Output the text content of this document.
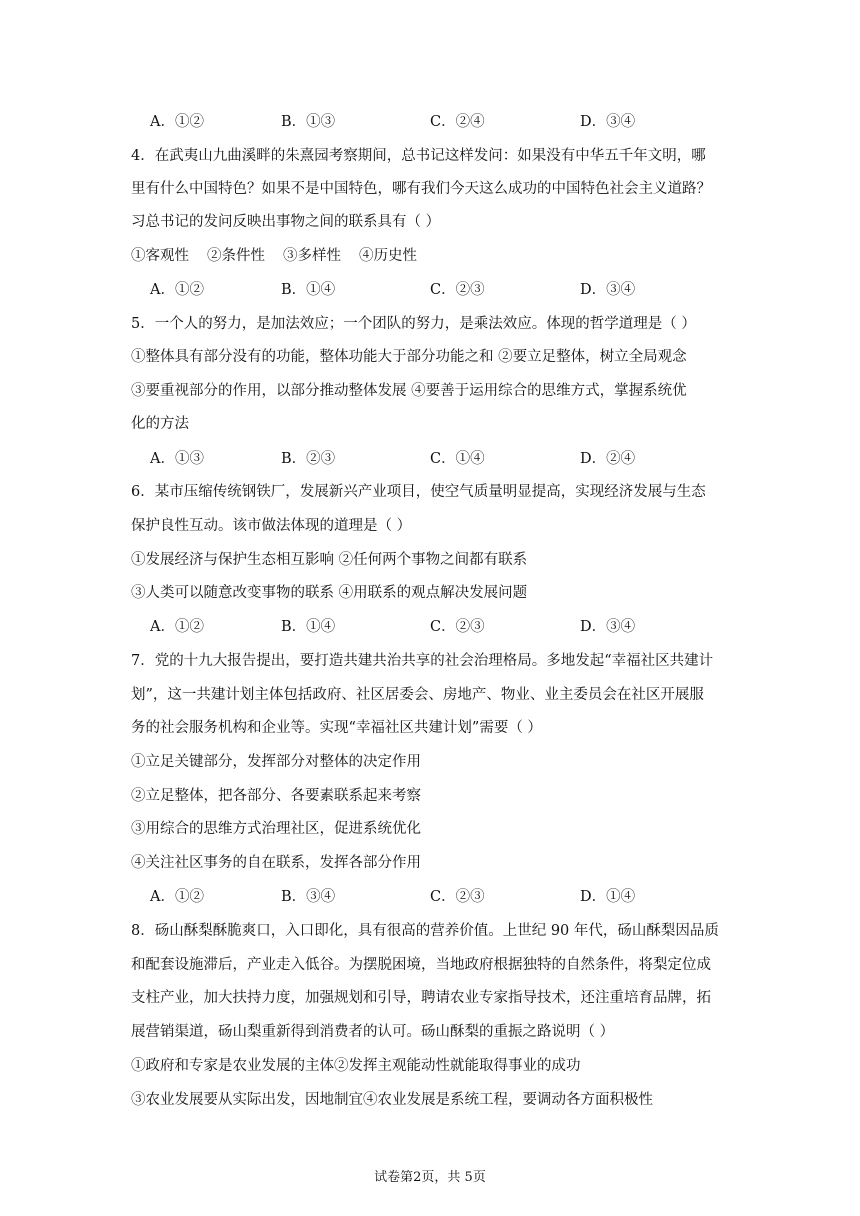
A．①②	B．①③	C．②④	D．③④
4．在武夷山九曲溪畔的朱熹园考察期间，总书记这样发问：如果没有中华五千年文明，哪
里有什么中国特色？如果不是中国特色，哪有我们今天这么成功的中国特色社会主义道路？
习总书记的发问反映出事物之间的联系具有（ ）
①客观性 ②条件性 ③多样性 ④历史性
A．①②	B．①④	C．②③	D．③④
5．一个人的努力，是加法效应；一个团队的努力，是乘法效应。体现的哲学道理是（ ）
①整体具有部分没有的功能，整体功能大于部分功能之和 ②要立足整体，树立全局观念
③要重视部分的作用，以部分推动整体发展 ④要善于运用综合的思维方式，掌握系统优
化的方法
A．①③	B．②③	C．①④	D．②④
6．某市压缩传统钢铁厂，发展新兴产业项目，使空气质量明显提高，实现经济发展与生态
保护良性互动。该市做法体现的道理是（ ）
①发展经济与保护生态相互影响 ②任何两个事物之间都有联系
③人类可以随意改变事物的联系 ④用联系的观点解决发展问题
A．①②	B．①④	C．②③	D．③④
7．党的十九大报告提出，要打造共建共治共享的社会治理格局。多地发起“幸福社区共建计
划”，这一共建计划主体包括政府、社区居委会、房地产、物业、业主委员会在社区开展服
务的社会服务机构和企业等。实现“幸福社区共建计划”需要（ ）
①立足关键部分，发挥部分对整体的决定作用
②立足整体，把各部分、各要素联系起来考察
③用综合的思维方式治理社区，促进系统优化
④关注社区事务的自在联系，发挥各部分作用
A．①②	B．③④	C．②③	D．①④
8．砀山酥梨酥脆爽口，入口即化，具有很高的营养价值。上世纪 90 年代，砀山酥梨因品质
和配套设施滞后，产业走入低谷。为摆脱困境，当地政府根据独特的自然条件，将梨定位成
支柱产业，加大扶持力度，加强规划和引导，聘请农业专家指导技术，还注重培育品牌，拓
展营销渠道，砀山梨重新得到消费者的认可。砀山酥梨的重振之路说明（ ）
①政府和专家是农业发展的主体②发挥主观能动性就能取得事业的成功
③农业发展要从实际出发，因地制宜④农业发展是系统工程，要调动各方面积极性
试卷第2页，共 5页
